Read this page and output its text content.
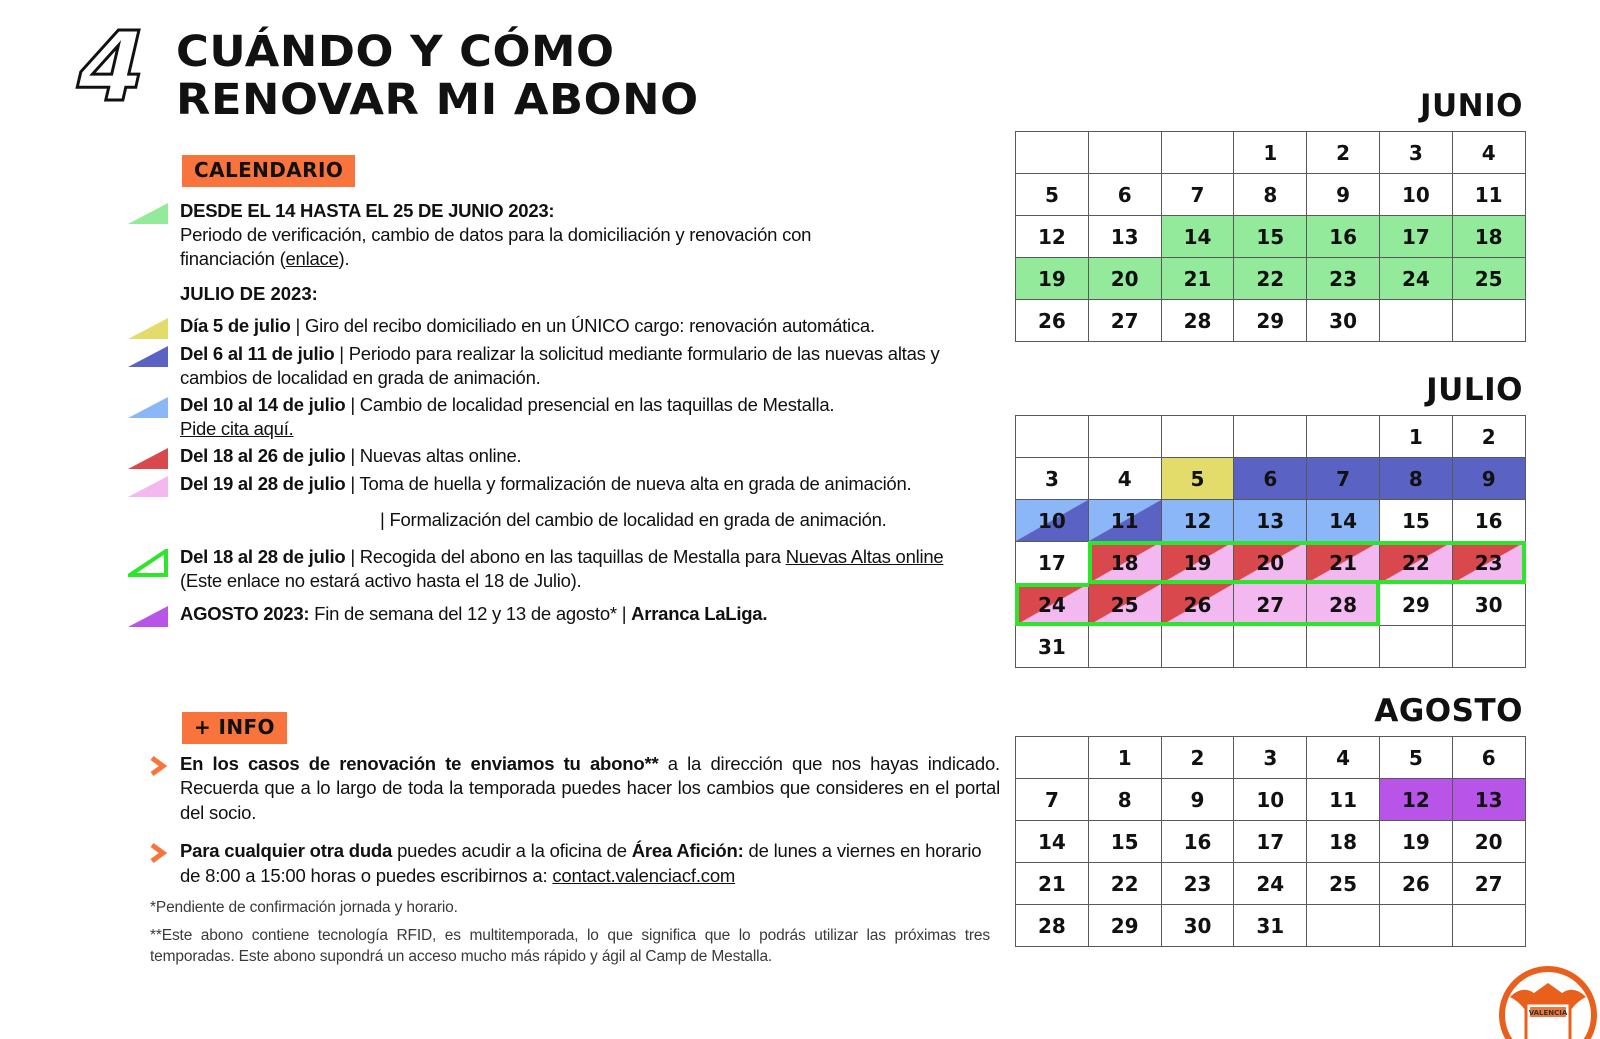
4 CUÁNDO Y CÓMO
RENOVAR MI ABONO
CALENDARIO
DESDE EL 14 HASTA EL 25 DE JUNIO 2023:
Periodo de verificación, cambio de datos para la domiciliación y renovación con
financiación (enlace).
JULIO DE 2023:
Día 5 de julio | Giro del recibo domiciliado en un ÚNICO cargo: renovación automática.
Del 6 al 11 de julio | Periodo para realizar la solicitud mediante formulario de las nuevas altas y cambios de localidad en grada de animación.
Del 10 al 14 de julio | Cambio de localidad presencial en las taquillas de Mestalla.
Pide cita aquí.
Del 18 al 26 de julio | Nuevas altas online.
Del 19 al 28 de julio | Toma de huella y formalización de nueva alta en grada de animación.
| Formalización del cambio de localidad en grada de animación.
Del 18 al 28 de julio | Recogida del abono en las taquillas de Mestalla para Nuevas Altas online (Este enlace no estará activo hasta el 18 de Julio).
AGOSTO 2023: Fin de semana del 12 y 13 de agosto* | Arranca LaLiga.
+ INFO
En los casos de renovación te enviamos tu abono** a la dirección que nos hayas indicado. Recuerda que a lo largo de toda la temporada puedes hacer los cambios que consideres en el portal del socio.
Para cualquier otra duda puedes acudir a la oficina de Área Afición: de lunes a viernes en horario de 8:00 a 15:00 horas o puedes escribirnos a: contact.valenciacf.com
*Pendiente de confirmación jornada y horario.
**Este abono contiene tecnología RFID, es multitemporada, lo que significa que lo podrás utilizar las próximas tres temporadas. Este abono supondrá un acceso mucho más rápido y ágil al Camp de Mestalla.
JUNIO
			1	2	3	4
5	6	7	8	9	10	11
12	13	14	15	16	17	18

19	20	21	22	23	24	25
26	27	28	29	30		
JULIO
					1	2
3	4	5	6	7	8	9

10	11	12	13	14	15	16
17	18	19	20	21	22	23

24	25	26	27	28	29	30
31						
AGOSTO
	1	2	3	4	5	6
7	8	9	10	11	12	13
14	15	16	17	18	19	20
21	22	23	24	25	26	27
28	29	30	31			
VALENCIA
